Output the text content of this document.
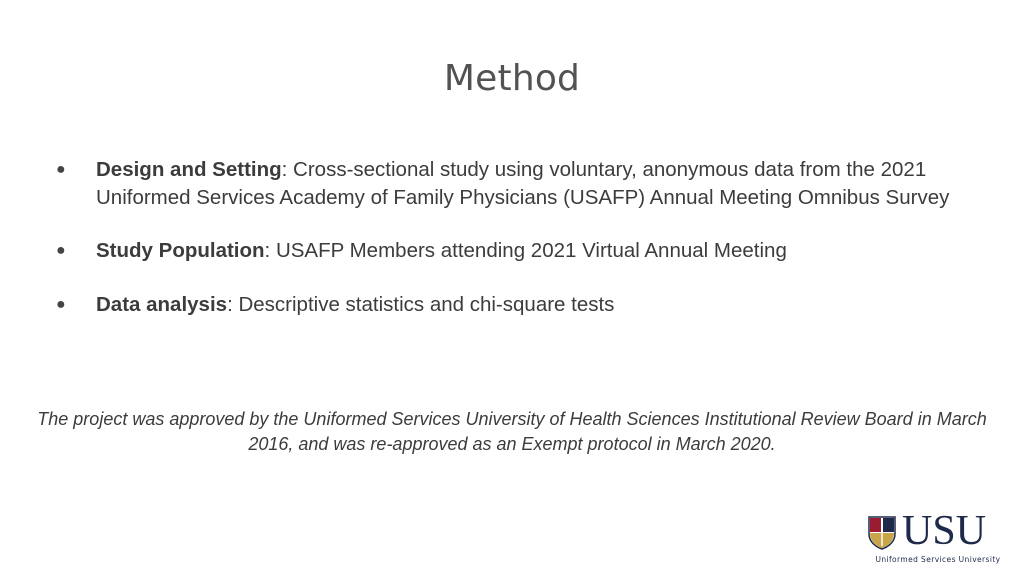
Method
● Design and Setting: Cross-sectional study using voluntary, anonymous data from the 2021 Uniformed Services Academy of Family Physicians (USAFP) Annual Meeting Omnibus Survey
● Study Population: USAFP Members attending 2021 Virtual Annual Meeting
● Data analysis: Descriptive statistics and chi-square tests
The project was approved by the Uniformed Services University of Health Sciences Institutional Review Board in March 2016, and was re-approved as an Exempt protocol in March 2020.
USU
Uniformed Services University
